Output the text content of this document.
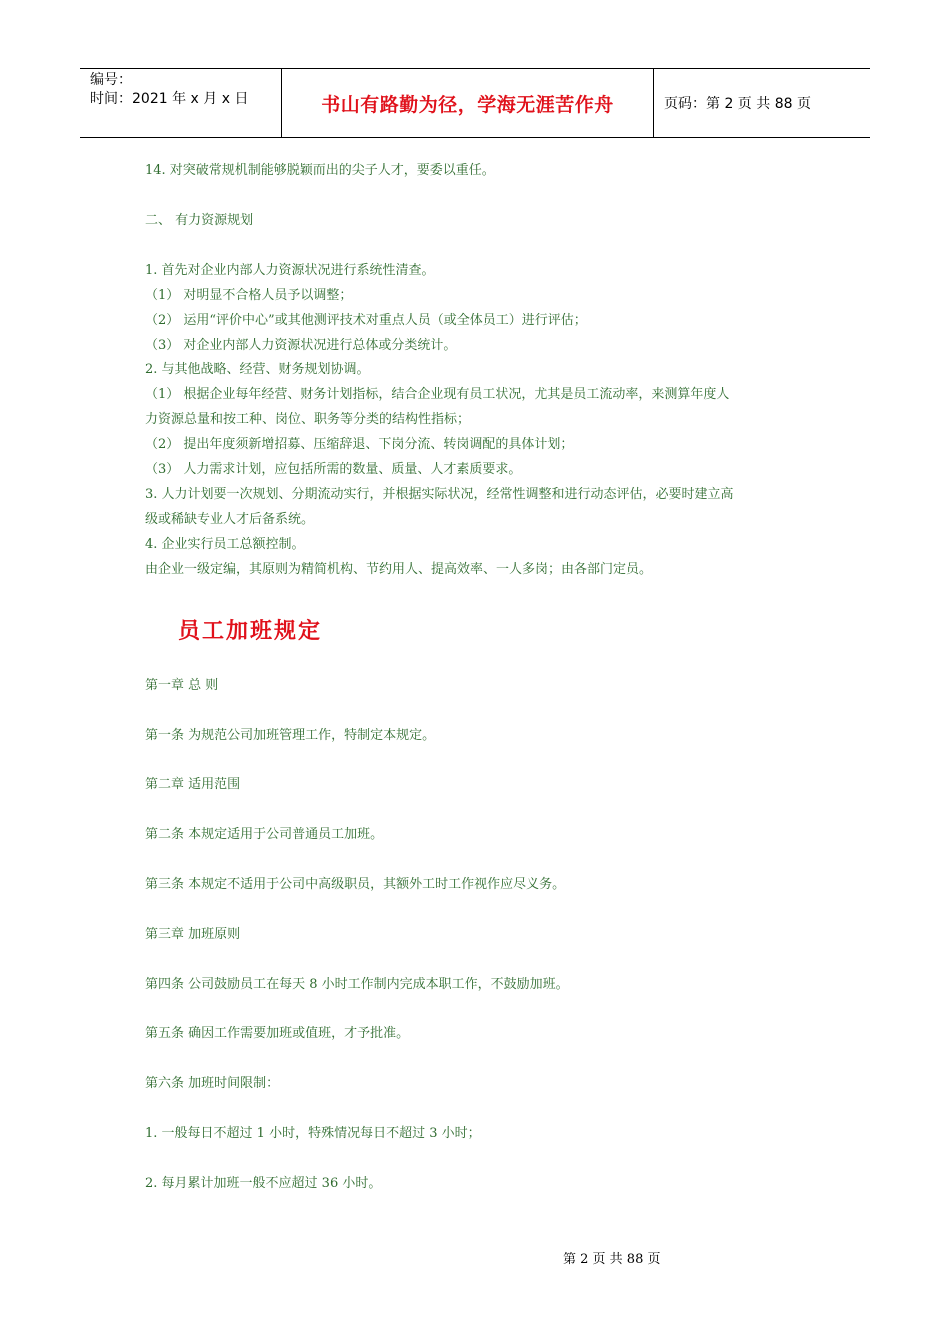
编号：
时间：2021 年 x 月 x 日	书山有路勤为径，学海无涯苦作舟	页码：第 2 页 共 88 页
14. 对突破常规机制能够脱颖而出的尖子人才，要委以重任。
二、 有力资源规划
1. 首先对企业内部人力资源状况进行系统性清查。
（1） 对明显不合格人员予以调整；
（2） 运用“评价中心”或其他测评技术对重点人员（或全体员工）进行评估；
（3） 对企业内部人力资源状况进行总体或分类统计。
2. 与其他战略、经营、财务规划协调。
（1） 根据企业每年经营、财务计划指标，结合企业现有员工状况，尤其是员工流动率，来测算年度人
力资源总量和按工种、岗位、职务等分类的结构性指标；
（2） 提出年度须新增招募、压缩辞退、下岗分流、转岗调配的具体计划；
（3） 人力需求计划，应包括所需的数量、质量、人才素质要求。
3. 人力计划要一次规划、分期流动实行，并根据实际状况，经常性调整和进行动态评估，必要时建立高
级或稀缺专业人才后备系统。
4. 企业实行员工总额控制。
由企业一级定编，其原则为精简机构、节约用人、提高效率、一人多岗；由各部门定员。
员工加班规定
第一章 总 则
第一条 为规范公司加班管理工作，特制定本规定。
第二章 适用范围
第二条 本规定适用于公司普通员工加班。
第三条 本规定不适用于公司中高级职员，其额外工时工作视作应尽义务。
第三章 加班原则
第四条 公司鼓励员工在每天 8 小时工作制内完成本职工作，不鼓励加班。
第五条 确因工作需要加班或值班，才予批准。
第六条 加班时间限制：
1. 一般每日不超过 1 小时，特殊情况每日不超过 3 小时；
2. 每月累计加班一般不应超过 36 小时。
第 2 页 共 88 页
